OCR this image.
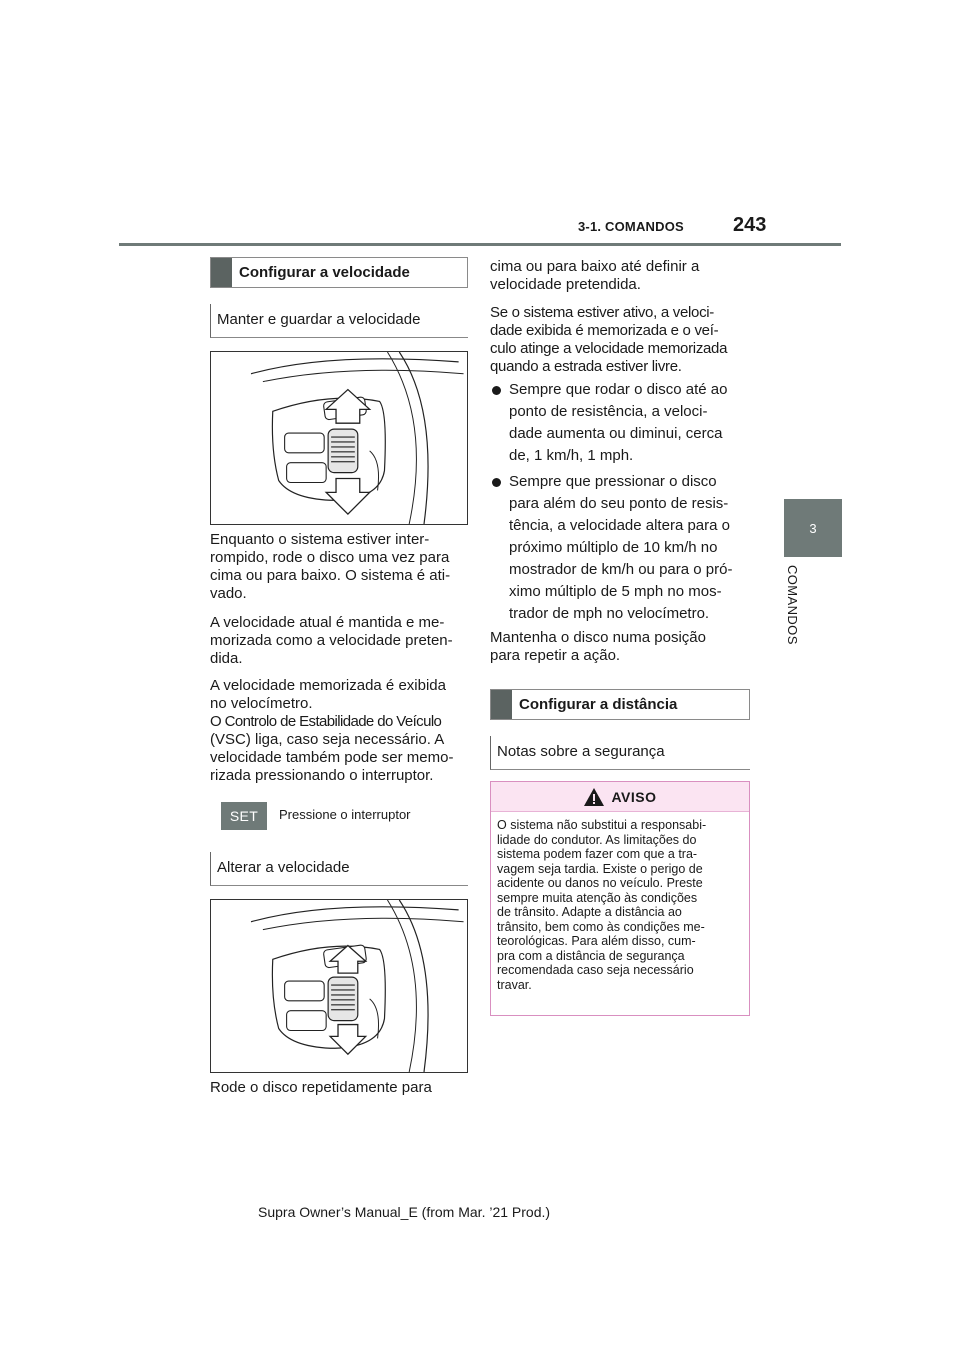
3-1. COMANDOS 243
3
COMANDOS
Configurar a velocidade
Manter e guardar a velocidade
Enquanto o sistema estiver inter-
rompido, rode o disco uma vez para
cima ou para baixo. O sistema é ati-
vado.
A velocidade atual é mantida e me-
morizada como a velocidade preten-
dida.
A velocidade memorizada é exibida
no velocímetro.
O Controlo de Estabilidade do Veículo
(VSC) liga, caso seja necessário. A
velocidade também pode ser memo-
rizada pressionando o interruptor.
SET	Pressione o interruptor
Alterar a velocidade
Rode o disco repetidamente para
cima ou para baixo até definir a
velocidade pretendida.
Se o sistema estiver ativo, a veloci-
dade exibida é memorizada e o veí-
culo atinge a velocidade memorizada
quando a estrada estiver livre.
Sempre que rodar o disco até ao
ponto de resistência, a veloci-
dade aumenta ou diminui, cerca
de, 1 km/h, 1 mph.
Sempre que pressionar o disco
para além do seu ponto de resis-
tência, a velocidade altera para o
próximo múltiplo de 10 km/h no
mostrador de km/h ou para o pró-
ximo múltiplo de 5 mph no mos-
trador de mph no velocímetro.
Mantenha o disco numa posição
para repetir a ação.
Configurar a distância
Notas sobre a segurança
AVISO
O sistema não substitui a responsabi-
lidade do condutor. As limitações do
sistema podem fazer com que a tra-
vagem seja tardia. Existe o perigo de
acidente ou danos no veículo. Preste
sempre muita atenção às condições
de trânsito. Adapte a distância ao
trânsito, bem como às condições me-
teorológicas. Para além disso, cum-
pra com a distância de segurança
recomendada caso seja necessário
travar.
Supra Owner’s Manual_E (from Mar. ’21 Prod.)
